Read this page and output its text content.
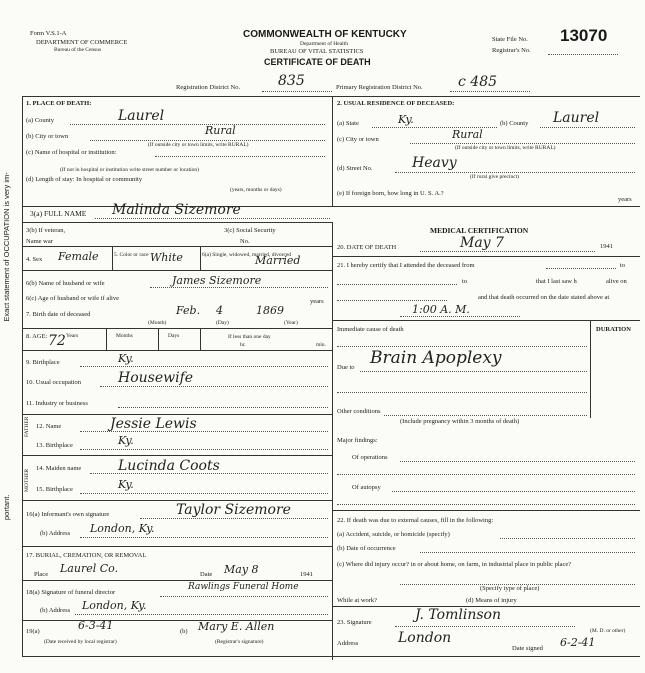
portant.                                                                                   Exact statement of OCCUPATION is very im-
Form V.S.1-A
DEPARTMENT OF COMMERCE
Bureau of the Census
COMMONWEALTH OF KENTUCKY
Department of Health
BUREAU OF VITAL STATISTICS
CERTIFICATE OF DEATH
State File No. 13070
Registrar's No.
Registration District No.	835	Primary Registration District No.	c 485
1. PLACE OF DEATH:
(a) County	Laurel
(b) City or town	Rural
(If outside city or town limits, write RURAL)
(c) Name of hospital or institution:
(If not in hospital or institution write street number or location)
(d) Length of stay: In hospital or community
(years, months or days)
2. USUAL RESIDENCE OF DECEASED:
(a) State	Ky.	(b) County Laurel
(c) City or town	Rural
(If outside city or town limits, write RURAL)
(d) Street No.	Heavy
(If rural give precinct)
(e) If foreign born, how long in U. S. A.?
years
3(a) FULL NAME Malinda Sizemore
3(b) If veteran,
Name war
3(c) Social Security
No.
4. Sex Female	5. Color or race White	6(a) Single, widowed, married, divorced
Married
6(b) Name of husband or wife	James Sizemore
6(c) Age of husband or wife if alive	years
7. Birth date of deceased	Feb. 4	1869
(Month)	(Day)	(Year)
8. AGE: 72 Years	Months	Days	If less than one day
hr.	min.
9. Birthplace	Ky.
10. Usual occupation	Housewife
11. Industry or business
FATHER 12. Name	Jessie Lewis
13. Birthplace	Ky.
MOTHER
14. Maiden name	Lucinda Coots
15. Birthplace	Ky.
16(a) Informant's own signature	Taylor Sizemore
(b) Address London, Ky.
17. BURIAL, CREMATION, OR REMOVAL
Place Laurel Co.	Date May 8	1941
18(a) Signature of funeral director
Rawlings Funeral Home
(b) Address London, Ky.
19(a)	6-3-41
(Date received by local registrar)
(b) Mary E. Allen
(Registrar's signature)
MEDICAL CERTIFICATION
20. DATE OF DEATH	May 7	1941
21. I hereby certify that I attended the deceased from	to
to	that I last saw h	alive on
and that death occurred on the date stated above at
1:00 A. M.
Immediate cause of death	DURATION
Brain Apoplexy
Due to
Other conditions
(Include pregnancy within 3 months of death)
Major findings:
Of operations
Of autopsy
22. If death was due to external causes, fill in the following:
(a) Accident, suicide, or homicide (specify)
(b) Date of occurrence
(c) Where did injury occur? in or about home, on farm, in industrial place in public place?
(Specify type of place)
While at work?	(d) Means of injury
23. Signature	J. Tomlinson
(M. D. or other)
Address	London
Date signed 6-2-41
